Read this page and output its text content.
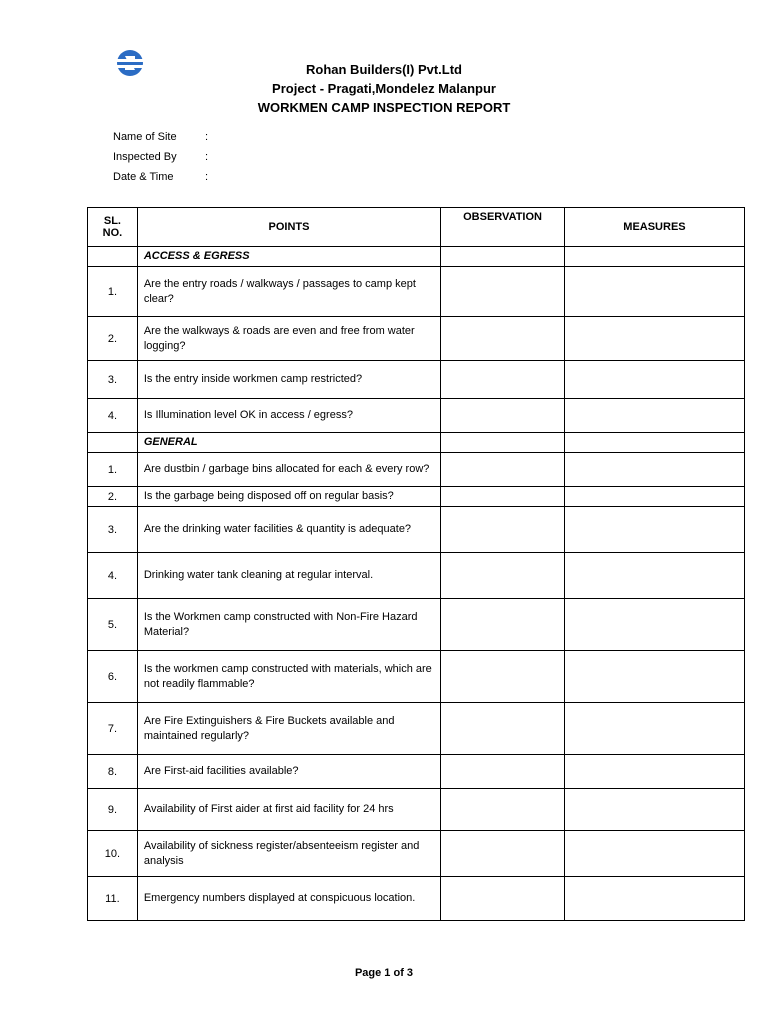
Rohan Builders(I) Pvt.Ltd
Project - Pragati,Mondelez Malanpur
WORKMEN CAMP INSPECTION REPORT
Name of Site	:
Inspected By	:
Date & Time	:
SL.
NO.	POINTS	OBSERVATION	MEASURES
	ACCESS & EGRESS		
1.	Are the entry roads / walkways / passages to camp kept clear?		
2.	Are the walkways & roads are even and free from water logging?		
3.	Is the entry inside workmen camp restricted?		
4.	Is Illumination level OK in access / egress?		
	GENERAL		
1.	Are dustbin / garbage bins allocated for each & every row?		
2.	Is the garbage being disposed off on regular basis?		
3.	Are the drinking water facilities & quantity is adequate?		
4.	Drinking water tank cleaning at regular interval.		
5.	Is the Workmen camp constructed with Non-Fire Hazard Material?		
6.	Is the workmen camp constructed with materials, which are not readily flammable?		
7.	Are Fire Extinguishers & Fire Buckets available and maintained regularly?		
8.	Are First-aid facilities available?		
9.	Availability of First aider at first aid facility for 24 hrs		
10.	Availability of sickness register/absenteeism register and analysis		
11.	Emergency numbers displayed at conspicuous location.		
Page 1 of 3
